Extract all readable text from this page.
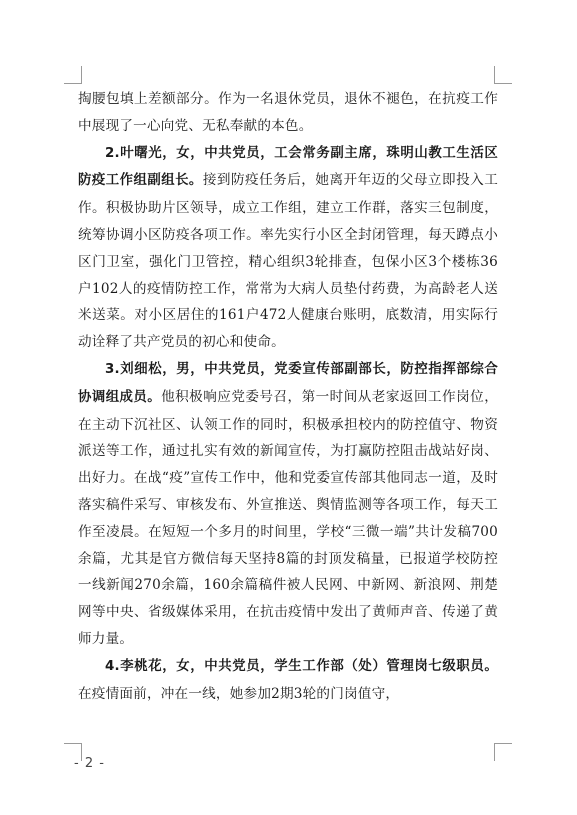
掏腰包填上差额部分。作为一名退休党员，退休不褪色，在抗疫工作中展现了一心向党、无私奉献的本色。

2.叶曙光，女，中共党员，工会常务副主席，珠明山教工生活区防疫工作组副组长。接到防疫任务后，她离开年迈的父母立即投入工作。积极协助片区领导，成立工作组，建立工作群，落实三包制度，统筹协调小区防疫各项工作。率先实行小区全封闭管理，每天蹲点小区门卫室，强化门卫管控，精心组织3轮排查，包保小区3个楼栋36户102人的疫情防控工作，常常为大病人员垫付药费，为高龄老人送米送菜。对小区居住的161户472人健康台账明，底数清，用实际行动诠释了共产党员的初心和使命。

3.刘细松，男，中共党员，党委宣传部副部长，防控指挥部综合协调组成员。他积极响应党委号召，第一时间从老家返回工作岗位，在主动下沉社区、认领工作的同时，积极承担校内的防控值守、物资派送等工作，通过扎实有效的新闻宣传，为打赢防控阻击战站好岗、出好力。在战“疫”宣传工作中，他和党委宣传部其他同志一道，及时落实稿件采写、审核发布、外宣推送、舆情监测等各项工作，每天工作至凌晨。在短短一个多月的时间里，学校“三微一端”共计发稿700余篇，尤其是官方微信每天坚持8篇的封顶发稿量，已报道学校防控一线新闻270余篇，160余篇稿件被人民网、中新网、新浪网、荆楚网等中央、省级媒体采用，在抗击疫情中发出了黄师声音、传递了黄师力量。

4.李桃花，女，中共党员，学生工作部（处）管理岗七级职员。在疫情面前，冲在一线，她参加2期3轮的门岗值守，

- 2 -
